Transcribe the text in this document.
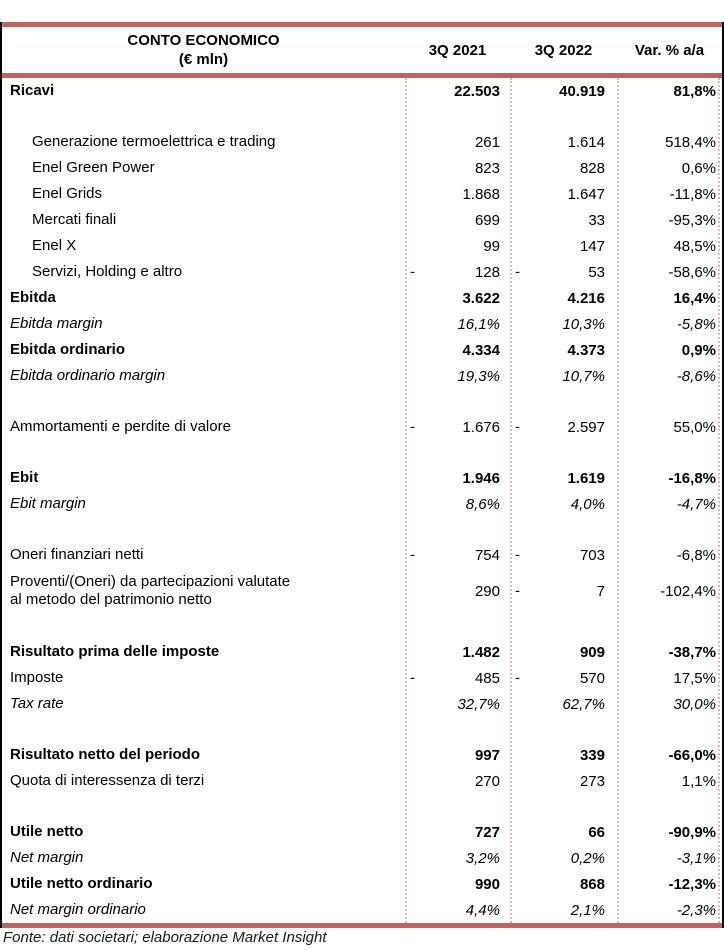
CONTO ECONOMICO
(€ mln)
3Q 2021	3Q 2022	Var. % a/a
Ricavi	22.503	40.919	81,8%
Generazione termoelettrica e trading	261	1.614	518,4%
Enel Green Power	823	828	0,6%
Enel Grids	1.868	1.647	-11,8%
Mercati finali	699	33	-95,3%
Enel X	99	147	48,5%
Servizi, Holding e altro	-	128	-	53	-58,6%
Ebitda	3.622	4.216	16,4%
Ebitda margin	16,1%	10,3%	-5,8%
Ebitda ordinario	4.334	4.373	0,9%
Ebitda ordinario margin	19,3%	10,7%	-8,6%
Ammortamenti e perdite di valore	-	1.676	-	2.597	55,0%
Ebit	1.946	1.619	-16,8%
Ebit margin	8,6%	4,0%	-4,7%
Oneri finanziari netti	-	754	-	703	-6,8%
Proventi/(Oneri) da partecipazioni valutate
al metodo del patrimonio netto	290	-	7	-102,4%
Risultato prima delle imposte	1.482	909	-38,7%
Imposte	-	485	-	570	17,5%
Tax rate	32,7%	62,7%	30,0%
Risultato netto del periodo	997	339	-66,0%
Quota di interessenza di terzi	270	273	1,1%
Utile netto	727	66	-90,9%
Net margin	3,2%	0,2%	-3,1%
Utile netto ordinario	990	868	-12,3%
Net margin ordinario	4,4%	2,1%	-2,3%
Fonte: dati societari; elaborazione Market Insight
